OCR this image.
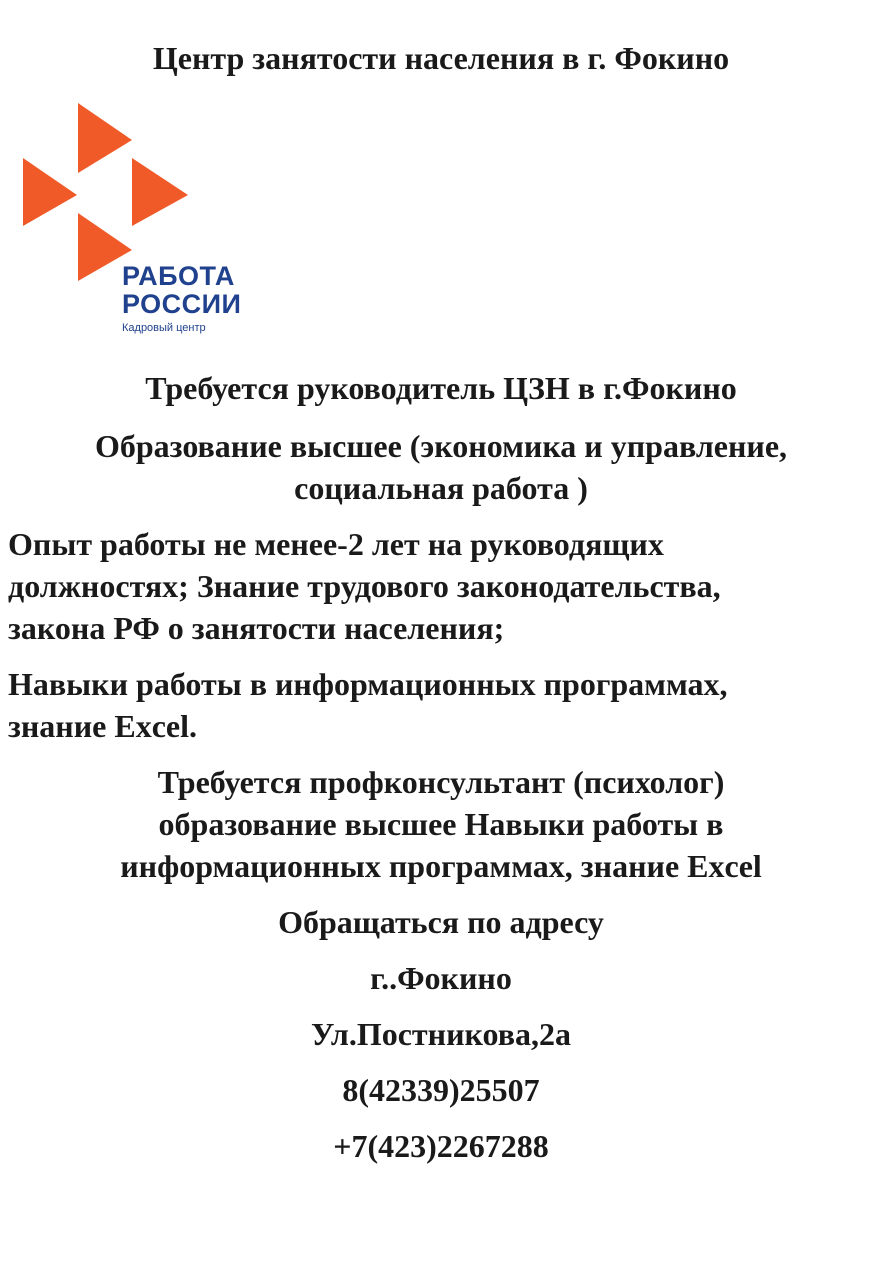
Центр занятости населения в г. Фокино

РАБОТА
РОССИИ
Кадровый центр

Требуется руководитель ЦЗН в г.Фокино

Образование высшее (экономика и управление,

социальная работа )

Опыт работы не менее-2 лет на руководящих

должностях; Знание трудового законодательства,

закона РФ о занятости населения;

Навыки работы в информационных программах,

знание Excel.

Требуется профконсультант (психолог)

образование высшее Навыки работы в

информационных программах, знание Excel

Обращаться по адресу

г..Фокино

Ул.Постникова,2а

8(42339)25507

+7(423)2267288
